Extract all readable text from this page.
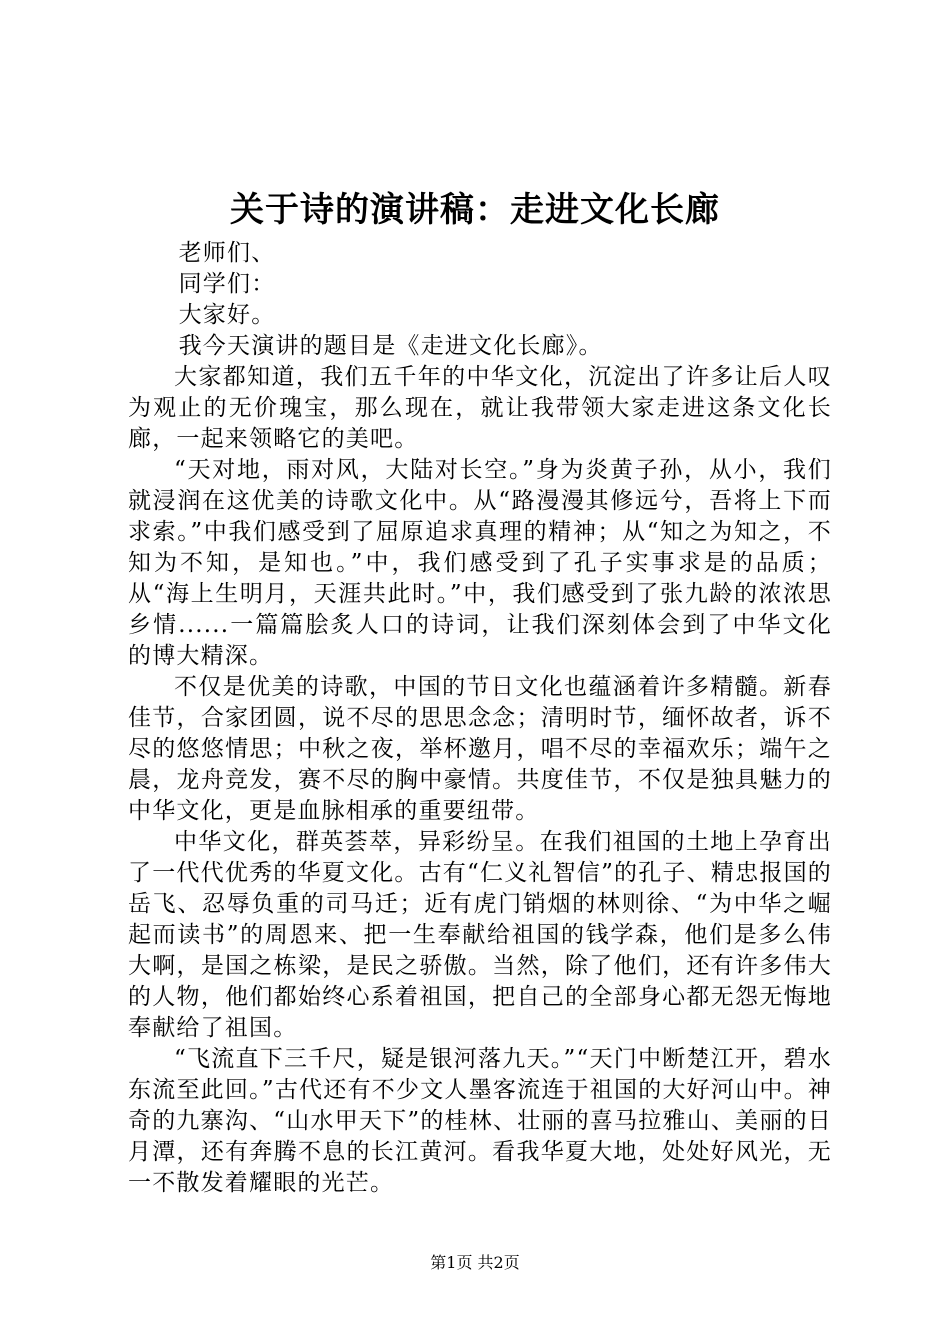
关于诗的演讲稿：走进文化长廊

老师们、

同学们：

大家好。

我今天演讲的题目是《走进文化长廊》。

大家都知道，我们五千年的中华文化，沉淀出了许多让后人叹为观止的无价瑰宝，那么现在，就让我带领大家走进这条文化长廊，一起来领略它的美吧。

“天对地，雨对风，大陆对长空。”身为炎黄子孙，从小，我们就浸润在这优美的诗歌文化中。从“路漫漫其修远兮，吾将上下而求索。”中我们感受到了屈原追求真理的精神；从“知之为知之，不知为不知，是知也。”中，我们感受到了孔子实事求是的品质；从“海上生明月，天涯共此时。”中，我们感受到了张九龄的浓浓思乡情......一篇篇脍炙人口的诗词，让我们深刻体会到了中华文化的博大精深。

不仅是优美的诗歌，中国的节日文化也蕴涵着许多精髓。新春佳节，合家团圆，说不尽的思思念念；清明时节，缅怀故者，诉不尽的悠悠情思；中秋之夜，举杯邀月，唱不尽的幸福欢乐；端午之晨，龙舟竞发，赛不尽的胸中豪情。共度佳节，不仅是独具魅力的中华文化，更是血脉相承的重要纽带。

中华文化，群英荟萃，异彩纷呈。在我们祖国的土地上孕育出了一代代优秀的华夏文化。古有“仁义礼智信”的孔子、精忠报国的岳飞、忍辱负重的司马迁；近有虎门销烟的林则徐、“为中华之崛起而读书”的周恩来、把一生奉献给祖国的钱学森，他们是多么伟大啊，是国之栋梁，是民之骄傲。当然，除了他们，还有许多伟大的人物，他们都始终心系着祖国，把自己的全部身心都无怨无悔地奉献给了祖国。

“飞流直下三千尺，疑是银河落九天。”“天门中断楚江开，碧水东流至此回。”古代还有不少文人墨客流连于祖国的大好河山中。神奇的九寨沟、“山水甲天下”的桂林、壮丽的喜马拉雅山、美丽的日月潭，还有奔腾不息的长江黄河。看我华夏大地，处处好风光，无一不散发着耀眼的光芒。

第1页 共2页
